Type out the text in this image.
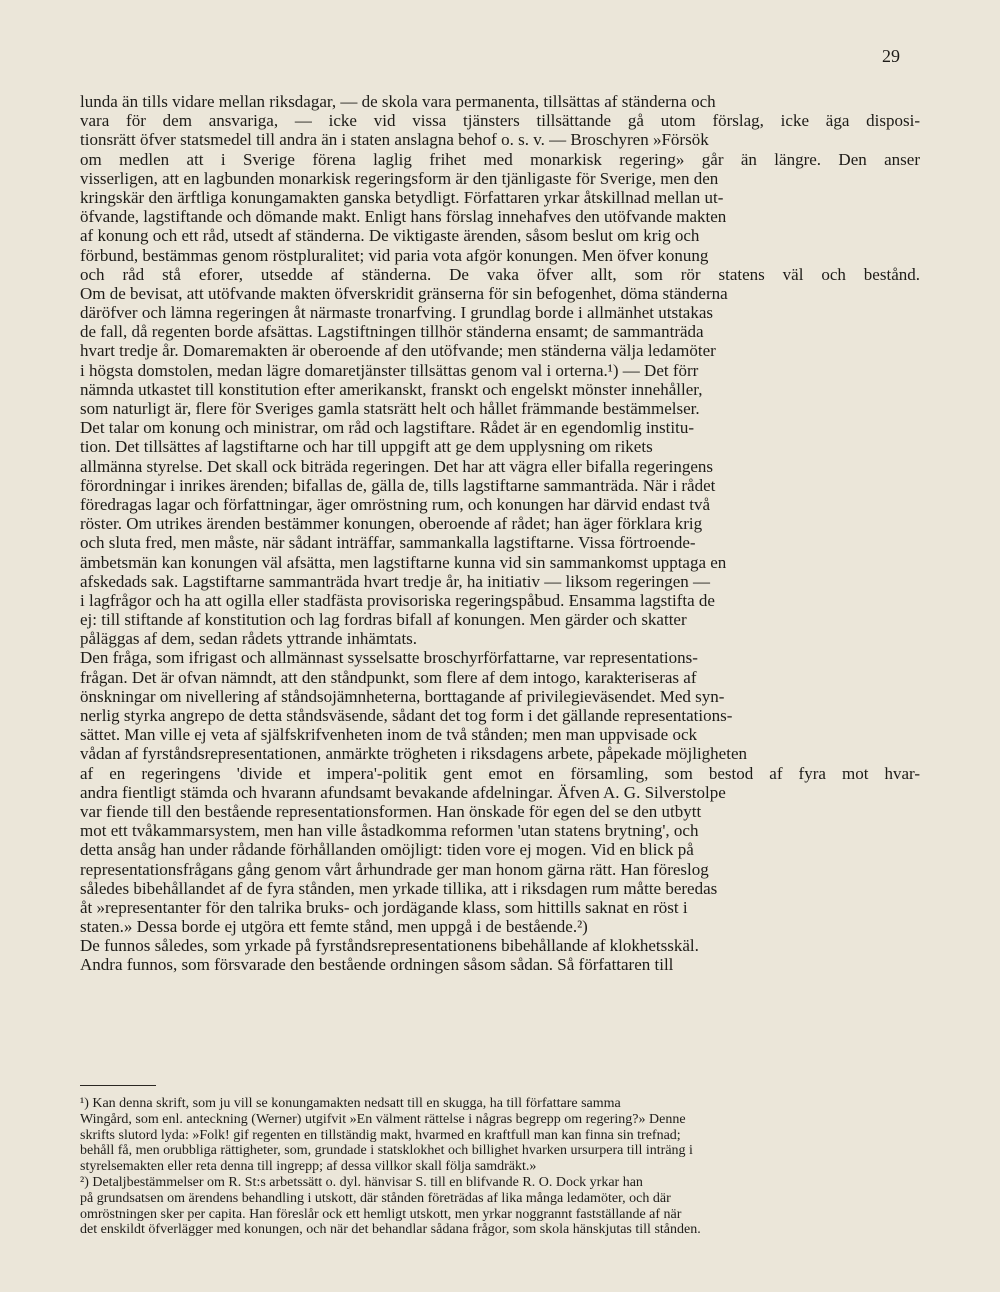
29
lunda än tills vidare mellan riksdagar, — de skola vara permanenta, tillsättas af ständerna och
vara för dem ansvariga, — icke vid vissa tjänsters tillsättande gå utom förslag, icke äga disposi-
tionsrätt öfver statsmedel till andra än i staten anslagna behof o. s. v. — Broschyren »Försök
om medlen att i Sverige förena laglig frihet med monarkisk regering» går än längre. Den anser
visserligen, att en lagbunden monarkisk regeringsform är den tjänligaste för Sverige, men den
kringskär den ärftliga konungamakten ganska betydligt. Författaren yrkar åtskillnad mellan ut-
öfvande, lagstiftande och dömande makt. Enligt hans förslag innehafves den utöfvande makten
af konung och ett råd, utsedt af ständerna. De viktigaste ärenden, såsom beslut om krig och
förbund, bestämmas genom röstpluralitet; vid paria vota afgör konungen. Men öfver konung
och råd stå eforer, utsedde af ständerna. De vaka öfver allt, som rör statens väl och bestånd.
Om de bevisat, att utöfvande makten öfverskridit gränserna för sin befogenhet, döma ständerna
däröfver och lämna regeringen åt närmaste tronarfving. I grundlag borde i allmänhet utstakas
de fall, då regenten borde afsättas. Lagstiftningen tillhör ständerna ensamt; de sammanträda
hvart tredje år. Domaremakten är oberoende af den utöfvande; men ständerna välja ledamöter
i högsta domstolen, medan lägre domaretjänster tillsättas genom val i orterna.¹) — Det förr
nämnda utkastet till konstitution efter amerikanskt, franskt och engelskt mönster innehåller,
som naturligt är, flere för Sveriges gamla statsrätt helt och hållet främmande bestämmelser.
Det talar om konung och ministrar, om råd och lagstiftare. Rådet är en egendomlig institu-
tion. Det tillsättes af lagstiftarne och har till uppgift att ge dem upplysning om rikets
allmänna styrelse. Det skall ock biträda regeringen. Det har att vägra eller bifalla regeringens
förordningar i inrikes ärenden; bifallas de, gälla de, tills lagstiftarne sammanträda. När i rådet
föredragas lagar och författningar, äger omröstning rum, och konungen har därvid endast två
röster. Om utrikes ärenden bestämmer konungen, oberoende af rådet; han äger förklara krig
och sluta fred, men måste, när sådant inträffar, sammankalla lagstiftarne. Vissa förtroende-
ämbetsmän kan konungen väl afsätta, men lagstiftarne kunna vid sin sammankomst upptaga en
afskedads sak. Lagstiftarne sammanträda hvart tredje år, ha initiativ — liksom regeringen —
i lagfrågor och ha att ogilla eller stadfästa provisoriska regeringspåbud. Ensamma lagstifta de
ej: till stiftande af konstitution och lag fordras bifall af konungen. Men gärder och skatter
påläggas af dem, sedan rådets yttrande inhämtats.
Den fråga, som ifrigast och allmännast sysselsatte broschyrförfattarne, var representations-
frågan. Det är ofvan nämndt, att den ståndpunkt, som flere af dem intogo, karakteriseras af
önskningar om nivellering af ståndsojämnheterna, borttagande af privilegieväsendet. Med syn-
nerlig styrka angrepo de detta ståndsväsende, sådant det tog form i det gällande representations-
sättet. Man ville ej veta af själfskrifvenheten inom de två stånden; men man uppvisade ock
vådan af fyrståndsrepresentationen, anmärkte trögheten i riksdagens arbete, påpekade möjligheten
af en regeringens 'divide et impera'-politik gent emot en församling, som bestod af fyra mot hvar-
andra fientligt stämda och hvarann afundsamt bevakande afdelningar. Äfven A. G. Silverstolpe
var fiende till den bestående representationsformen. Han önskade för egen del se den utbytt
mot ett tvåkammarsystem, men han ville åstadkomma reformen 'utan statens brytning', och
detta ansåg han under rådande förhållanden omöjligt: tiden vore ej mogen. Vid en blick på
representationsfrågans gång genom vårt århundrade ger man honom gärna rätt. Han föreslog
således bibehållandet af de fyra stånden, men yrkade tillika, att i riksdagen rum måtte beredas
åt »representanter för den talrika bruks- och jordägande klass, som hittills saknat en röst i
staten.» Dessa borde ej utgöra ett femte stånd, men uppgå i de bestående.²)
De funnos således, som yrkade på fyrståndsrepresentationens bibehållande af klokhetsskäl.
Andra funnos, som försvarade den bestående ordningen såsom sådan. Så författaren till
¹) Kan denna skrift, som ju vill se konungamakten nedsatt till en skugga, ha till författare samma
Wingård, som enl. anteckning (Werner) utgifvit »En välment rättelse i någras begrepp om regering?» Denne
skrifts slutord lyda: »Folk! gif regenten en tillständig makt, hvarmed en kraftfull man kan finna sin trefnad;
behåll få, men orubbliga rättigheter, som, grundade i statsklokhet och billighet hvarken ursurpera till inträng i
styrelsemakten eller reta denna till ingrepp; af dessa villkor skall följa samdräkt.»
²) Detaljbestämmelser om R. St:s arbetssätt o. dyl. hänvisar S. till en blifvande R. O. Dock yrkar han
på grundsatsen om ärendens behandling i utskott, där stånden företrädas af lika många ledamöter, och där
omröstningen sker per capita. Han föreslår ock ett hemligt utskott, men yrkar noggrannt fastställande af när
det enskildt öfverlägger med konungen, och när det behandlar sådana frågor, som skola hänskjutas till stånden.
